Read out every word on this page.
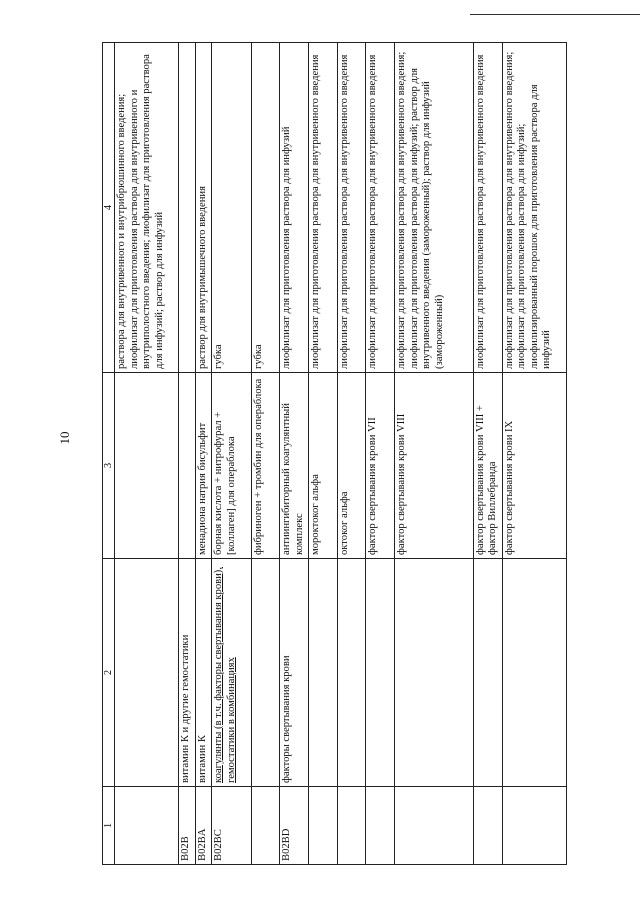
10
1	2	3	4
			раствора для внутривенного и внутрибрюшинного введения; лиофилизат для приготовления раствора для внутривенного и внутриполостного введения; лиофилизат для приготовления раствора для инфузий; раствор для инфузий
B02B	витамин К и другие гемостатики		
B02BA	витамин К	менадиона натрия бисульфит	раствор для внутримышечного введения
B02BC	коагулянты (в т.ч. факторы свертывания крови), гемостатики в комбинациях	борная кислота + нитрофурал + [коллаген] для операблока	губка
		фибриноген + тромбин для операблока	губка
B02BD	факторы свертывания крови	антиингибиторный коагулянтный комплекс	лиофилизат для приготовления раствора для инфузий
		мороктоког альфа	лиофилизат для приготовления раствора для внутривенного введения
		октоког альфа	лиофилизат для приготовления раствора для внутривенного введения
		фактор свертывания крови VII	лиофилизат для приготовления раствора для внутривенного введения
		фактор свертывания крови VIII	лиофилизат для приготовления раствора для внутривенного введения; лиофилизат для приготовления раствора для инфузий; раствор для внутривенного введения (замороженный); раствор для инфузий (замороженный)
		фактор свертывания крови VIII + фактор Виллебранда	лиофилизат для приготовления раствора для внутривенного введения
		фактор свертывания крови IX	лиофилизат для приготовления раствора для внутривенного введения; лиофилизат для приготовления раствора для инфузий; лиофилизированный порошок для приготовления раствора для инфузий
